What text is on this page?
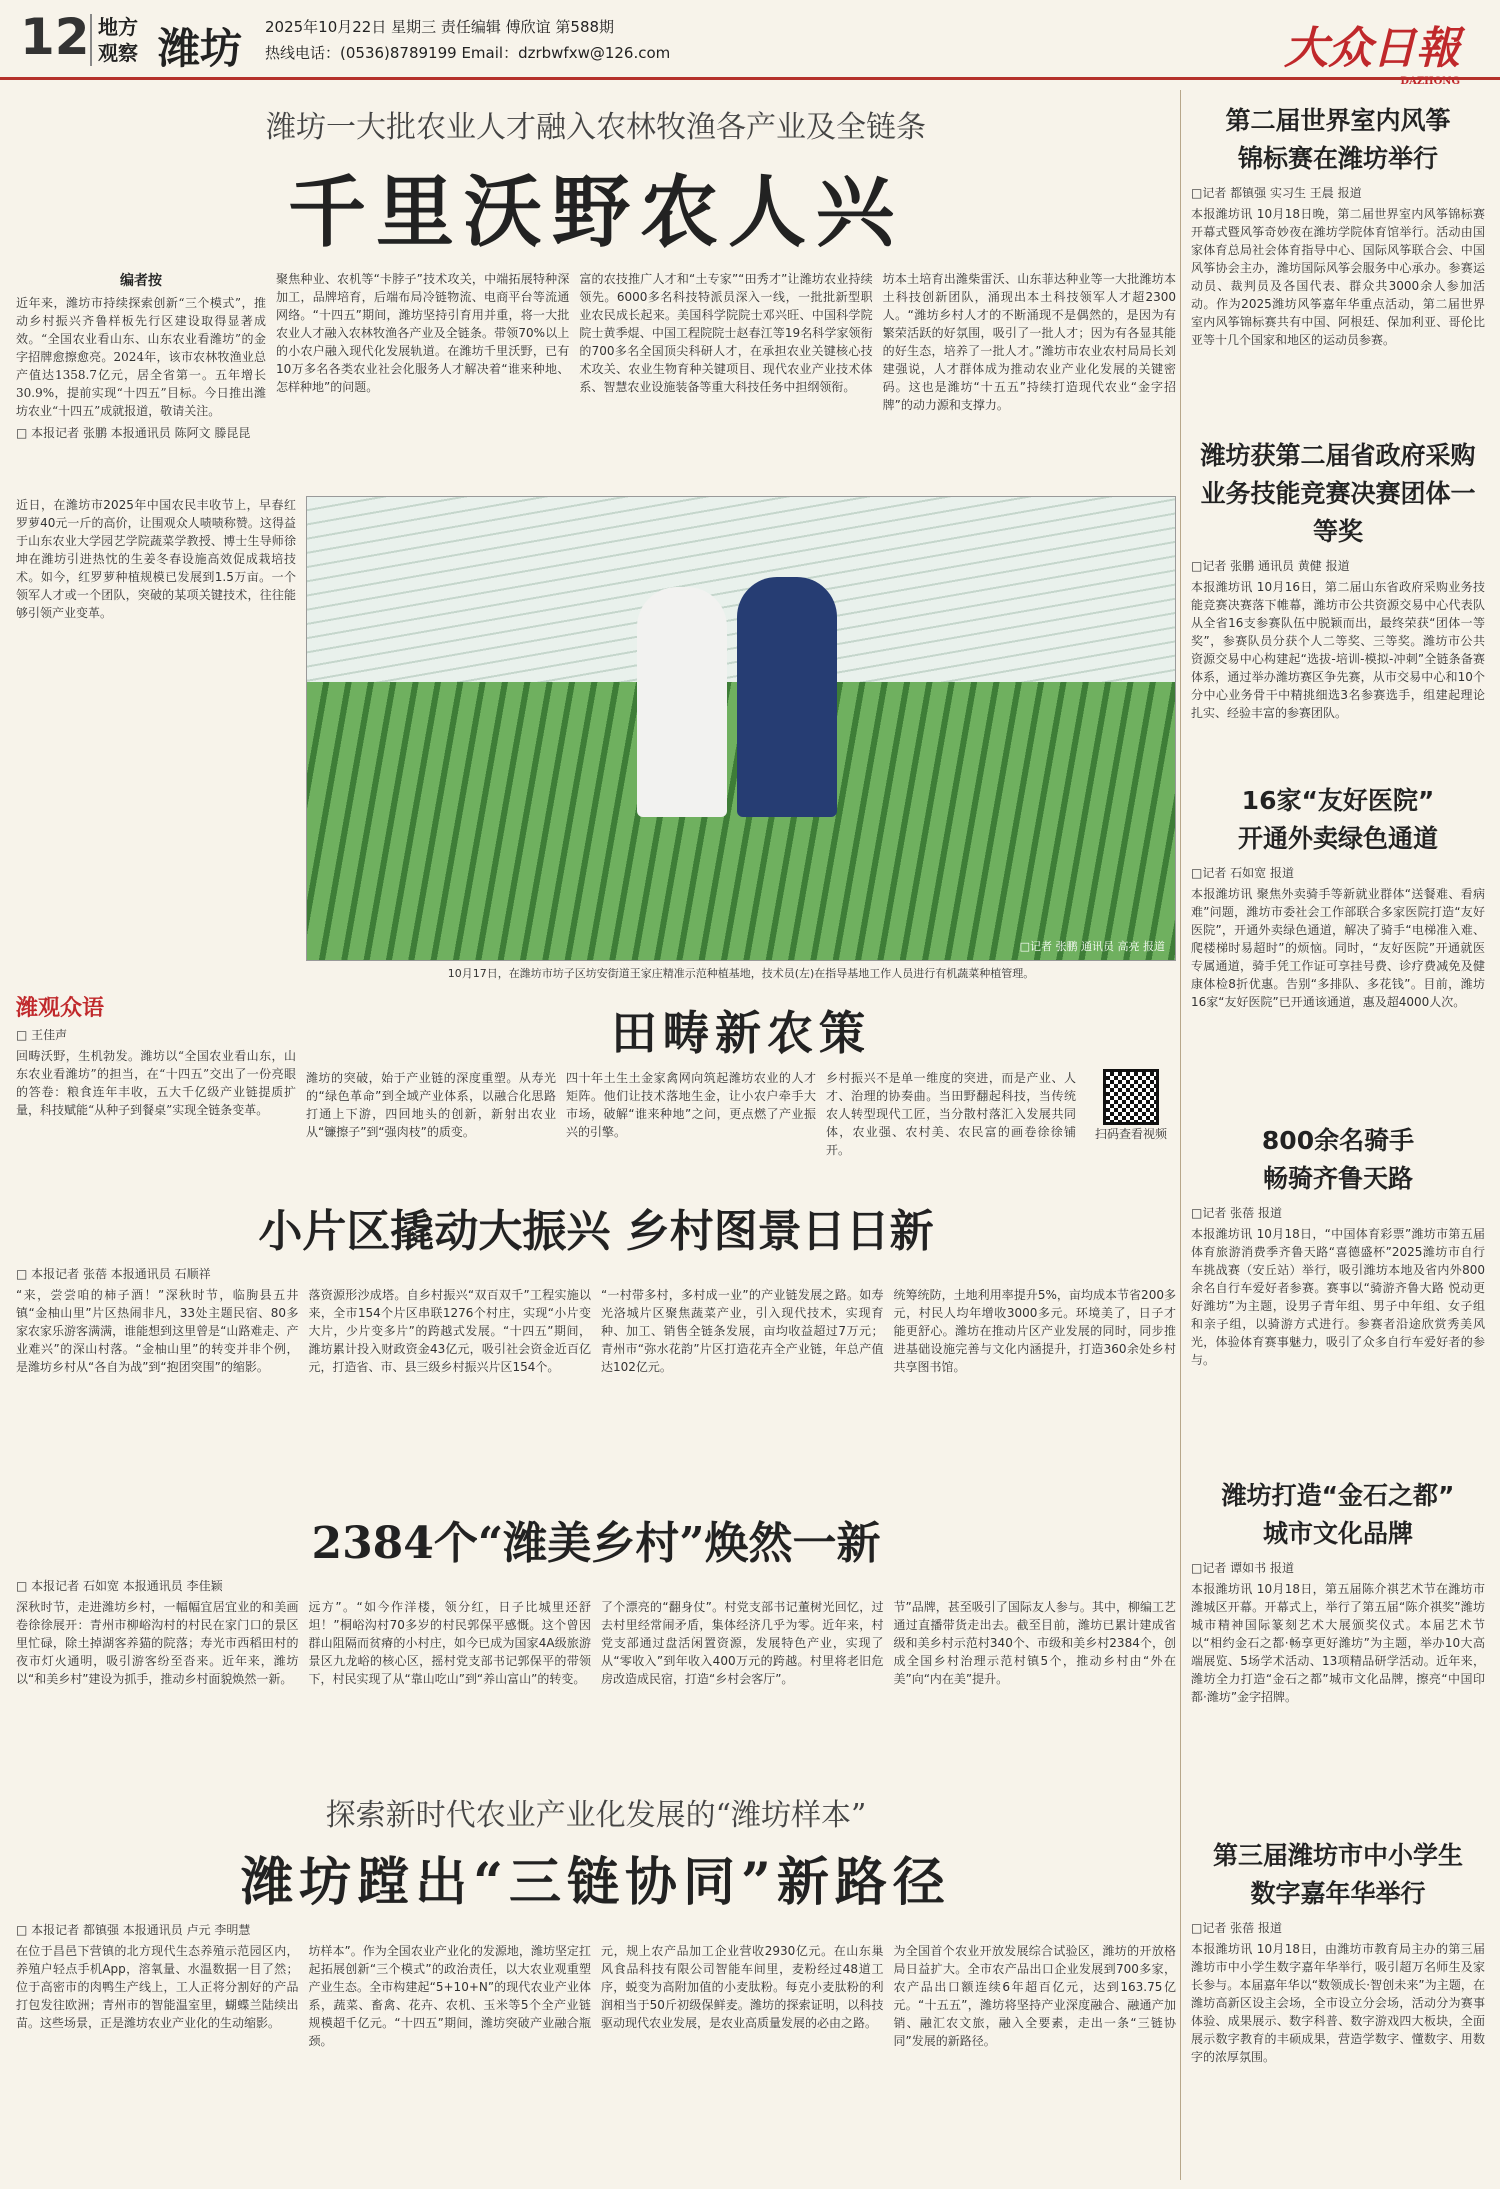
12 地方观察 潍坊 2025年10月22日 星期三 责任编辑 傅欣谊 第588期
热线电话：(0536)8789199 Email：dzrbwfxw@126.com	大众日報
DAZHONG
潍坊一大批农业人才融入农林牧渔各产业及全链条
千里沃野农人兴
编者按
近年来，潍坊市持续探索创新“三个模式”，推动乡村振兴齐鲁样板先行区建设取得显著成效。“全国农业看山东、山东农业看潍坊”的金字招牌愈擦愈亮。2024年，该市农林牧渔业总产值达1358.7亿元，居全省第一。五年增长30.9%，提前实现“十四五”目标。今日推出潍坊农业“十四五”成就报道，敬请关注。
□ 本报记者 张鹏 本报通讯员 陈阿文 滕昆昆
聚焦种业、农机等“卡脖子”技术攻关，中端拓展特种深加工，品牌培育，后端布局冷链物流、电商平台等流通网络。“十四五”期间，潍坊坚持引育用并重，将一大批农业人才融入农林牧渔各产业及全链条。带领70%以上的小农户融入现代化发展轨道。在潍坊千里沃野，已有10万多名各类农业社会化服务人才解决着“谁来种地、怎样种地”的问题。
富的农技推广人才和“土专家”“田秀才”让潍坊农业持续领先。6000多名科技特派员深入一线，一批批新型职业农民成长起来。美国科学院院士邓兴旺、中国科学院院士黄季焜、中国工程院院士赵春江等19名科学家领衔的700多名全国顶尖科研人才，在承担农业关键核心技术攻关、农业生物育种关键项目、现代农业产业技术体系、智慧农业设施装备等重大科技任务中担纲领衔。
坊本土培育出潍柴雷沃、山东菲达种业等一大批潍坊本土科技创新团队，涌现出本土科技领军人才超2300人。“潍坊乡村人才的不断涌现不是偶然的，是因为有繁荣活跃的好氛围，吸引了一批人才；因为有各显其能的好生态，培养了一批人才。”潍坊市农业农村局局长刘建强说，人才群体成为推动农业产业化发展的关键密码。这也是潍坊“十五五”持续打造现代农业“金字招牌”的动力源和支撑力。
近日，在潍坊市2025年中国农民丰收节上，早春红罗萝40元一斤的高价，让围观众人啧啧称赞。这得益于山东农业大学园艺学院蔬菜学教授、博士生导师徐坤在潍坊引进热忱的生姜冬春设施高效促成栽培技术。如今，红罗萝种植规模已发展到1.5万亩。一个领军人才或一个团队，突破的某项关键技术，往往能够引领产业变革。
□记者 张鹏 通讯员 高亮 报道
10月17日，在潍坊市坊子区坊安街道王家庄精准示范种植基地，技术员(左)在指导基地工作人员进行有机蔬菜种植管理。
潍观众语
□ 王佳声
回畴沃野，生机勃发。潍坊以“全国农业看山东，山东农业看潍坊”的担当，在“十四五”交出了一份亮眼的答卷：粮食连年丰收，五大千亿级产业链提质扩量，科技赋能“从种子到餐桌”实现全链条变革。
田畴新农策
潍坊的突破，始于产业链的深度重塑。从寿光的“绿色革命”到全域产业体系，以融合化思路打通上下游，四回地头的创新，新射出农业从“镰擦子”到“强肉枝”的质变。
四十年土生土金家禽网向筑起潍坊农业的人才矩阵。他们让技术落地生金，让小农户牵手大市场，破解“谁来种地”之问，更点燃了产业振兴的引擎。
乡村振兴不是单一维度的突进，而是产业、人才、治理的协奏曲。当田野翻起科技，当传统农人转型现代工匠，当分散村落汇入发展共同体，农业强、农村美、农民富的画卷徐徐铺开。
扫码查看视频
小片区撬动大振兴 乡村图景日日新
□ 本报记者 张蓓 本报通讯员 石顺祥
“来，尝尝咱的柿子酒！”深秋时节，临朐县五井镇“金柚山里”片区热闹非凡，33处主题民宿、80多家农家乐游客满满，谁能想到这里曾是“山路难走、产业难兴”的深山村落。“金柚山里”的转变并非个例，是潍坊乡村从“各自为战”到“抱团突围”的缩影。
落资源形沙成塔。自乡村振兴“双百双千”工程实施以来，全市154个片区串联1276个村庄，实现“小片变大片，少片变多片”的跨越式发展。“十四五”期间，潍坊累计投入财政资金43亿元，吸引社会资金近百亿元，打造省、市、县三级乡村振兴片区154个。
“一村带多村，多村成一业”的产业链发展之路。如寿光洛城片区聚焦蔬菜产业，引入现代技术，实现育种、加工、销售全链条发展，亩均收益超过7万元；青州市“弥水花韵”片区打造花卉全产业链，年总产值达102亿元。
统筹统防，土地利用率提升5%，亩均成本节省200多元，村民人均年增收3000多元。环境美了，日子才能更舒心。潍坊在推动片区产业发展的同时，同步推进基础设施完善与文化内涵提升，打造360余处乡村共享图书馆。
2384个“潍美乡村”焕然一新
□ 本报记者 石如宽 本报通讯员 李佳颖
深秋时节，走进潍坊乡村，一幅幅宜居宜业的和美画卷徐徐展开：青州市柳峪沟村的村民在家门口的景区里忙碌，除土掉湖客养猫的院落；寿光市西稻田村的夜市灯火通明，吸引游客纷至沓来。近年来，潍坊以“和美乡村”建设为抓手，推动乡村面貌焕然一新。
远方”。“如今作洋楼，领分红，日子比城里还舒坦！”桐峪沟村70多岁的村民郭保平感慨。这个曾因群山阻隔而贫瘠的小村庄，如今已成为国家4A级旅游景区九龙峪的核心区，摇村党支部书记郭保平的带领下，村民实现了从“靠山吃山”到“养山富山”的转变。
了个漂亮的“翻身仗”。村党支部书记董树光回忆，过去村里经常闹矛盾，集体经济几乎为零。近年来，村党支部通过盘活闲置资源，发展特色产业，实现了从“零收入”到年收入400万元的跨越。村里将老旧危房改造成民宿，打造“乡村会客厅”。
节”品牌，甚至吸引了国际友人参与。其中，柳编工艺通过直播带货走出去。截至目前，潍坊已累计建成省级和美乡村示范村340个、市级和美乡村2384个，创成全国乡村治理示范村镇5个，推动乡村由“外在美”向“内在美”提升。
探索新时代农业产业化发展的“潍坊样本”
潍坊蹚出“三链协同”新路径
□ 本报记者 都镇强 本报通讯员 卢元 李明慧
在位于昌邑下营镇的北方现代生态养殖示范园区内，养殖户轻点手机App，溶氧量、水温数据一目了然；位于高密市的肉鸭生产线上，工人正将分割好的产品打包发往欧洲；青州市的智能温室里，蝴蝶兰陆续出苗。这些场景，正是潍坊农业产业化的生动缩影。
坊样本”。作为全国农业产业化的发源地，潍坊坚定扛起拓展创新“三个模式”的政治责任，以大农业观重塑产业生态。全市构建起“5+10+N”的现代农业产业体系，蔬菜、畜禽、花卉、农机、玉米等5个全产业链规模超千亿元。“十四五”期间，潍坊突破产业融合瓶颈。
元，规上农产品加工企业营收2930亿元。在山东巢风食品科技有限公司智能车间里，麦粉经过48道工序，蜕变为高附加值的小麦肽粉。每克小麦肽粉的利润相当于50斤初级保鲜麦。潍坊的探索证明，以科技驱动现代农业发展，是农业高质量发展的必由之路。
为全国首个农业开放发展综合试验区，潍坊的开放格局日益扩大。全市农产品出口企业发展到700多家，农产品出口额连续6年超百亿元，达到163.75亿元。“十五五”，潍坊将坚持产业深度融合、融通产加销、融汇农文旅，融入全要素，走出一条“三链协同”发展的新路径。
第二届世界室内风筝
锦标赛在潍坊举行
□记者 都镇强 实习生 王晨 报道
本报潍坊讯 10月18日晚，第二届世界室内风筝锦标赛开幕式暨风筝奇妙夜在潍坊学院体育馆举行。活动由国家体育总局社会体育指导中心、国际风筝联合会、中国风筝协会主办，潍坊国际风筝会服务中心承办。参赛运动员、裁判员及各国代表、群众共3000余人参加活动。作为2025潍坊风筝嘉年华重点活动，第二届世界室内风筝锦标赛共有中国、阿根廷、保加利亚、哥伦比亚等十几个国家和地区的运动员参赛。
潍坊获第二届省政府采购
业务技能竞赛决赛团体一等奖
□记者 张鹏 通讯员 黄健 报道
本报潍坊讯 10月16日，第二届山东省政府采购业务技能竞赛决赛落下帷幕，潍坊市公共资源交易中心代表队从全省16支参赛队伍中脱颖而出，最终荣获“团体一等奖”，参赛队员分获个人二等奖、三等奖。潍坊市公共资源交易中心构建起“选拔-培训-模拟-冲刺”全链条备赛体系，通过举办潍坊赛区争先赛，从市交易中心和10个分中心业务骨干中精挑细选3名参赛选手，组建起理论扎实、经验丰富的参赛团队。
16家“友好医院”
开通外卖绿色通道
□记者 石如宽 报道
本报潍坊讯 聚焦外卖骑手等新就业群体“送餐难、看病难”问题，潍坊市委社会工作部联合多家医院打造“友好医院”，开通外卖绿色通道，解决了骑手“电梯准入难、爬楼梯时易超时”的烦恼。同时，“友好医院”开通就医专属通道，骑手凭工作证可享挂号费、诊疗费减免及健康体检8折优惠。告别“多排队、多花钱”。目前，潍坊16家“友好医院”已开通该通道，惠及超4000人次。
800余名骑手
畅骑齐鲁天路
□记者 张蓓 报道
本报潍坊讯 10月18日，“中国体育彩票”潍坊市第五届体育旅游消费季齐鲁天路“喜德盛杯”2025潍坊市自行车挑战赛（安丘站）举行，吸引潍坊本地及省内外800余名自行车爱好者参赛。赛事以“骑游齐鲁大路 悦动更好潍坊”为主题，设男子青年组、男子中年组、女子组和亲子组，以骑游方式进行。参赛者沿途欣赏秀美风光，体验体育赛事魅力，吸引了众多自行车爱好者的参与。
潍坊打造“金石之都”
城市文化品牌
□记者 谭如书 报道
本报潍坊讯 10月18日，第五届陈介祺艺术节在潍坊市潍城区开幕。开幕式上，举行了第五届“陈介祺奖”潍坊城市精神国际篆刻艺术大展颁奖仪式。本届艺术节以“相约金石之都·畅享更好潍坊”为主题，举办10大高端展览、5场学术活动、13项精品研学活动。近年来，潍坊全力打造“金石之都”城市文化品牌，擦亮“中国印都·潍坊”金字招牌。
第三届潍坊市中小学生
数字嘉年华举行
□记者 张蓓 报道
本报潍坊讯 10月18日，由潍坊市教育局主办的第三届潍坊市中小学生数字嘉年华举行，吸引超万名师生及家长参与。本届嘉年华以“数领成长·智创未来”为主题，在潍坊高新区设主会场，全市设立分会场，活动分为赛事体验、成果展示、数字科普、数字游戏四大板块，全面展示数字教育的丰硕成果，营造学数字、懂数字、用数字的浓厚氛围。
